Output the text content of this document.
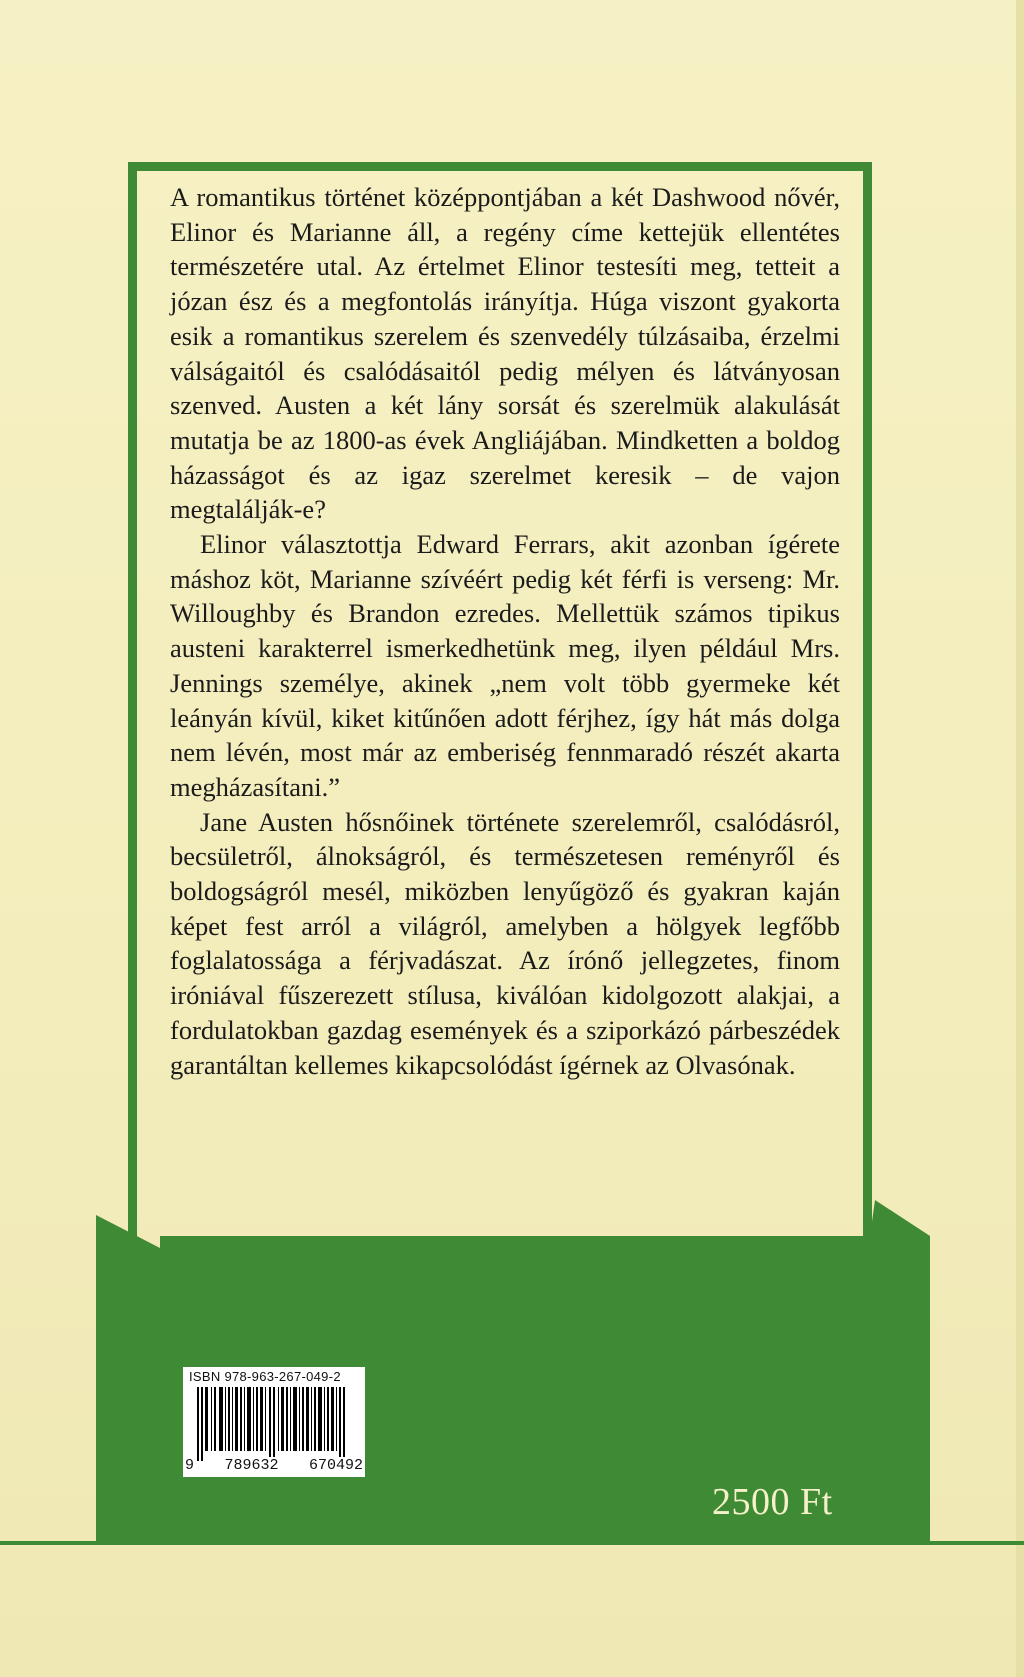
A romantikus történet középpontjában a két Dashwood nővér, Elinor és Marianne áll, a regény címe kettejük ellentétes természetére utal. Az értelmet Elinor testesíti meg, tetteit a józan ész és a megfontolás irányítja. Húga viszont gyakorta esik a romantikus szerelem és szenvedély túlzásaiba, érzelmi válságaitól és csalódásaitól pedig mélyen és látványosan szenved. Austen a két lány sorsát és szerelmük alakulását mutatja be az 1800-as évek Angliájában. Mindketten a boldog házasságot és az igaz szerelmet keresik – de vajon megtalálják-e?

Elinor választottja Edward Ferrars, akit azonban ígérete máshoz köt, Marianne szívéért pedig két férfi is verseng: Mr. Willoughby és Brandon ezredes. Mellettük számos tipikus austeni karakterrel ismerkedhetünk meg, ilyen például Mrs. Jennings személye, akinek „nem volt több gyermeke két leányán kívül, kiket kitűnően adott férjhez, így hát más dolga nem lévén, most már az emberiség fennmaradó részét akarta megházasítani.”

Jane Austen hősnőinek története szerelemről, csalódásról, becsületről, álnokságról, és természetesen reményről és boldogságról mesél, miközben lenyűgöző és gyakran kaján képet fest arról a világról, amelyben a hölgyek legfőbb foglalatossága a férjvadászat. Az írónő jellegzetes, finom iróniával fűszerezett stílusa, kiválóan kidolgozott alakjai, a fordulatokban gazdag események és a sziporkázó párbeszédek garantáltan kellemes kikapcsolódást ígérnek az Olvasónak.

ISBN 978-963-267-049-2
9 789632 670492
2500 Ft
